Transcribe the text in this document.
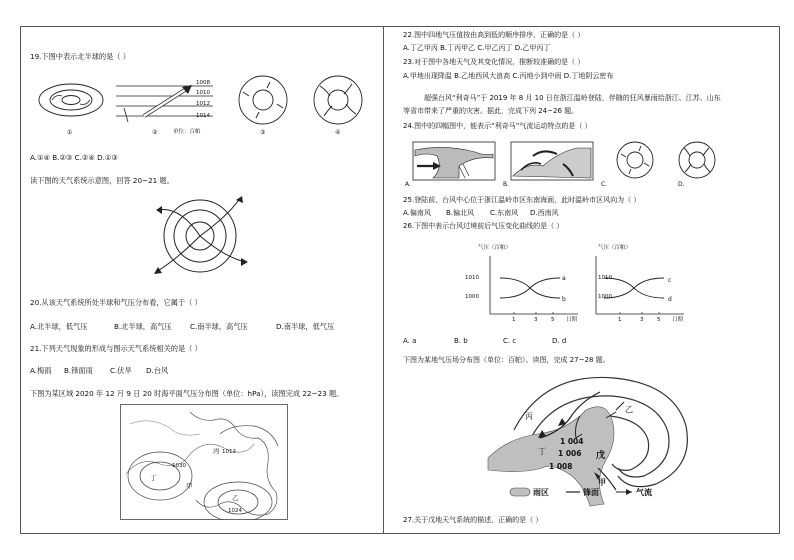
19.下图中表示北半球的是（ ）
1008
1010
1012
1014
①	②	单位：百帕	③	④
A.①④ B.②③ C.②④ D.①③
读下图的天气系统示意图，回答 20~21 题。
20.从该天气系统所处半球和气压分布看，它属于（ ）
A.北半球，低气压	B.北半球，高气压	C.南半球，高气压	D.南半球，低气压
21.下列天气现象的形成与图示天气系统相关的是（ ）
A.梅雨 B.锋面雨 C.伏旱 D.台风
下图为某区域 2020 年 12 月 9 日 20 时海平面气压分布图（单位：hPa），读图完成 22~23 题。
丙 1012
1030
丁
甲
乙
1024
22.图中四地气压值按由高到低的顺序排序，正确的是（ ）
A.丁乙甲丙 B.丁丙甲乙 C.甲乙丙丁 D.乙甲丙丁
23.对于图中各地天气及其变化情况，推断较准确的是（ ）
A.甲地出现降温 B.乙地西风大浪高 C.丙地小到中雨 D.丁地阴云密布
超强台风“利奇马”于 2019 年 8 月 10 日在浙江温岭登陆，伴随的狂风暴雨给浙江、江苏、山东
等省市带来了严重的灾害。据此，完成下列 24~26 题。
24.图中的四幅图中，能表示“利奇马”气流运动特点的是（ ）
A.	B.	C.	D.
25.登陆前，台风中心位于浙江温岭市区东南海面，此时温岭市区风向为（ ）
A.偏南风 B.偏北风 C.东南风 D.西南风
26.下图中表示台风过境前后气压变化曲线的是（ ）
气压（百帕）
1010
1000
a
b
1	3 5 日期
气压（百帕）
1010
1000
c
d
1	3 5 日期
A. a	B. b	C. c	D. d
下图为某地气压场分布图（单位：百帕）。读图，完成 27~28 题。
丙
乙
1 004
丁 1 006
1 008
戊
甲
雨区	锋面	气流
27.关于戊地天气系统的描述，正确的是（ ）
